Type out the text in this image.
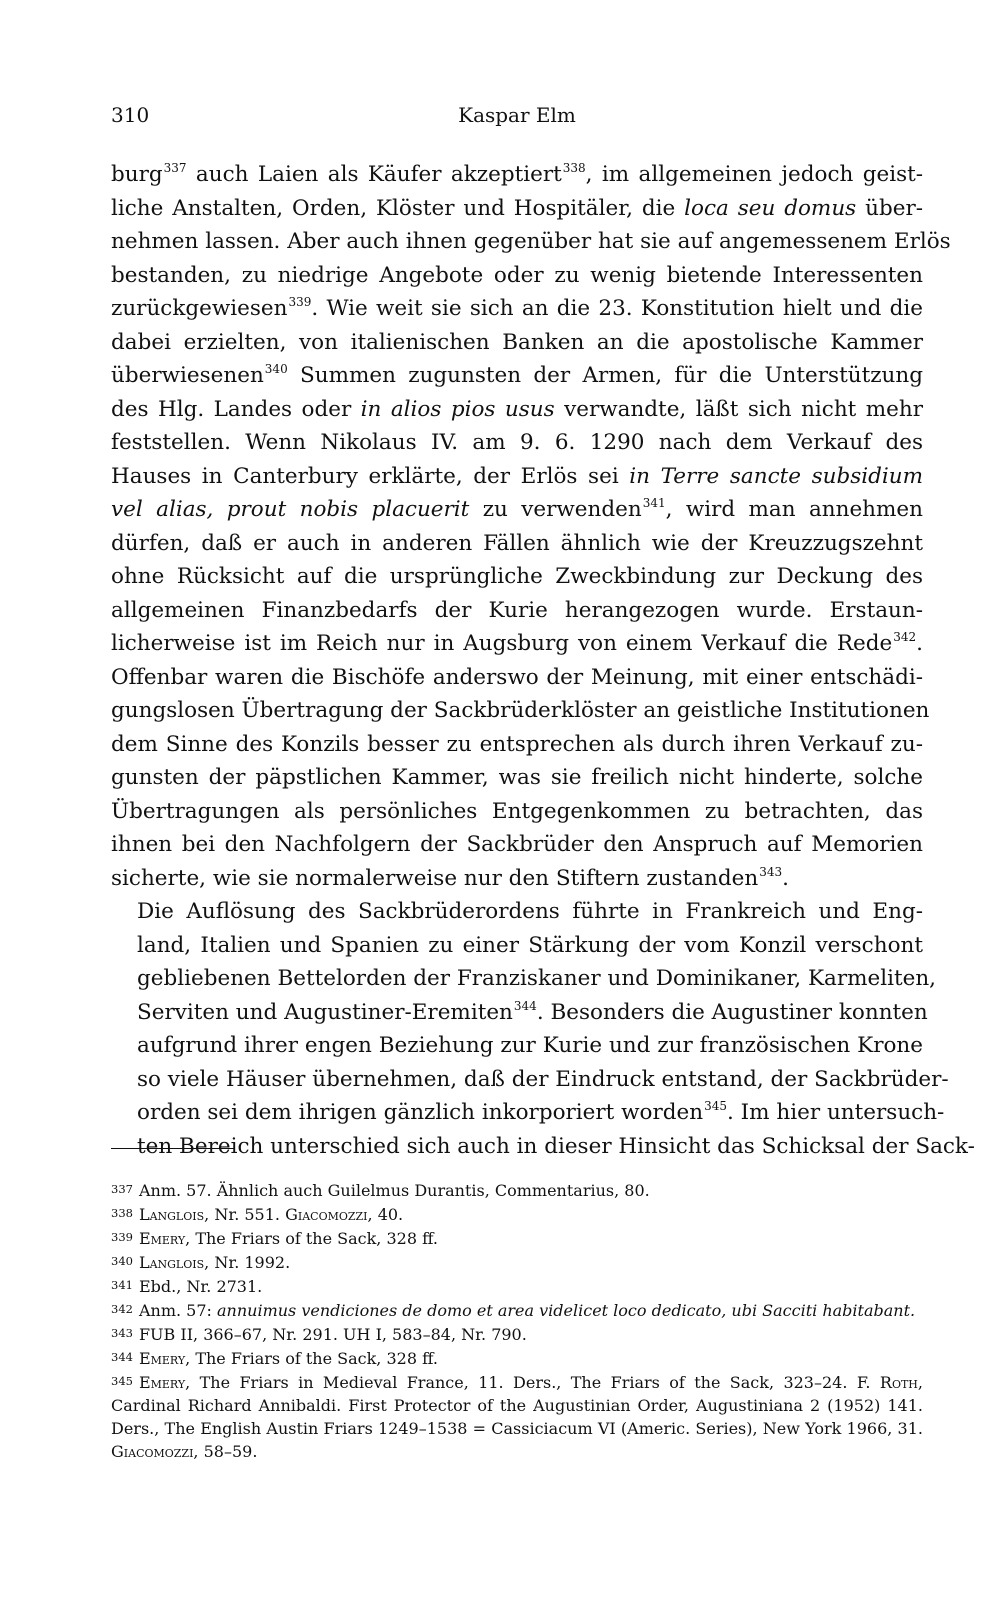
310	Kaspar Elm

burg$^{337}$ auch Laien als Käufer akzeptiert$^{338}$, im allgemeinen jedoch geist-
liche Anstalten, Orden, Klöster und Hospitäler, die loca seu domus über-
nehmen lassen. Aber auch ihnen gegenüber hat sie auf angemessenem Erlös
bestanden, zu niedrige Angebote oder zu wenig bietende Interessenten
zurückgewiesen$^{339}$. Wie weit sie sich an die 23. Konstitution hielt und die
dabei erzielten, von italienischen Banken an die apostolische Kammer
überwiesenen$^{340}$ Summen zugunsten der Armen, für die Unterstützung
des Hlg. Landes oder in alios pios usus verwandte, läßt sich nicht mehr
feststellen. Wenn Nikolaus IV. am 9. 6. 1290 nach dem Verkauf des
Hauses in Canterbury erklärte, der Erlös sei in Terre sancte subsidium
vel alias, prout nobis placuerit zu verwenden$^{341}$, wird man annehmen
dürfen, daß er auch in anderen Fällen ähnlich wie der Kreuzzugszehnt
ohne Rücksicht auf die ursprüngliche Zweckbindung zur Deckung des
allgemeinen Finanzbedarfs der Kurie herangezogen wurde. Erstaun-
licherweise ist im Reich nur in Augsburg von einem Verkauf die Rede$^{342}$.
Offenbar waren die Bischöfe anderswo der Meinung, mit einer entschädi-
gungslosen Übertragung der Sackbrüderklöster an geistliche Institutionen
dem Sinne des Konzils besser zu entsprechen als durch ihren Verkauf zu-
gunsten der päpstlichen Kammer, was sie freilich nicht hinderte, solche
Übertragungen als persönliches Entgegenkommen zu betrachten, das
ihnen bei den Nachfolgern der Sackbrüder den Anspruch auf Memorien
sicherte, wie sie normalerweise nur den Stiftern zustanden$^{343}$.

Die Auflösung des Sackbrüderordens führte in Frankreich und Eng-
land, Italien und Spanien zu einer Stärkung der vom Konzil verschont
gebliebenen Bettelorden der Franziskaner und Dominikaner, Karmeliten,
Serviten und Augustiner-Eremiten$^{344}$. Besonders die Augustiner konnten
aufgrund ihrer engen Beziehung zur Kurie und zur französischen Krone
so viele Häuser übernehmen, daß der Eindruck entstand, der Sackbrüder-
orden sei dem ihrigen gänzlich inkorporiert worden$^{345}$. Im hier untersuch-
ten Bereich unterschied sich auch in dieser Hinsicht das Schicksal der Sack-

337 Anm. 57. Ähnlich auch Guilelmus Durantis, Commentarius, 80.
338 Langlois, Nr. 551. Giacomozzi, 40.
339 Emery, The Friars of the Sack, 328 ff.
340 Langlois, Nr. 1992.
341 Ebd., Nr. 2731.
342 Anm. 57: annuimus vendiciones de domo et area videlicet loco dedicato, ubi Sacciti habitabant.
343 FUB II, 366–67, Nr. 291. UH I, 583–84, Nr. 790.
344 Emery, The Friars of the Sack, 328 ff.
345 Emery, The Friars in Medieval France, 11. Ders., The Friars of the Sack, 323–24. F. Roth, Cardinal Richard Annibaldi. First Protector of the Augustinian Order, Augustiniana 2 (1952) 141. Ders., The English Austin Friars 1249–1538 = Cassiciacum VI (Americ. Series), New York 1966, 31. Giacomozzi, 58–59.
